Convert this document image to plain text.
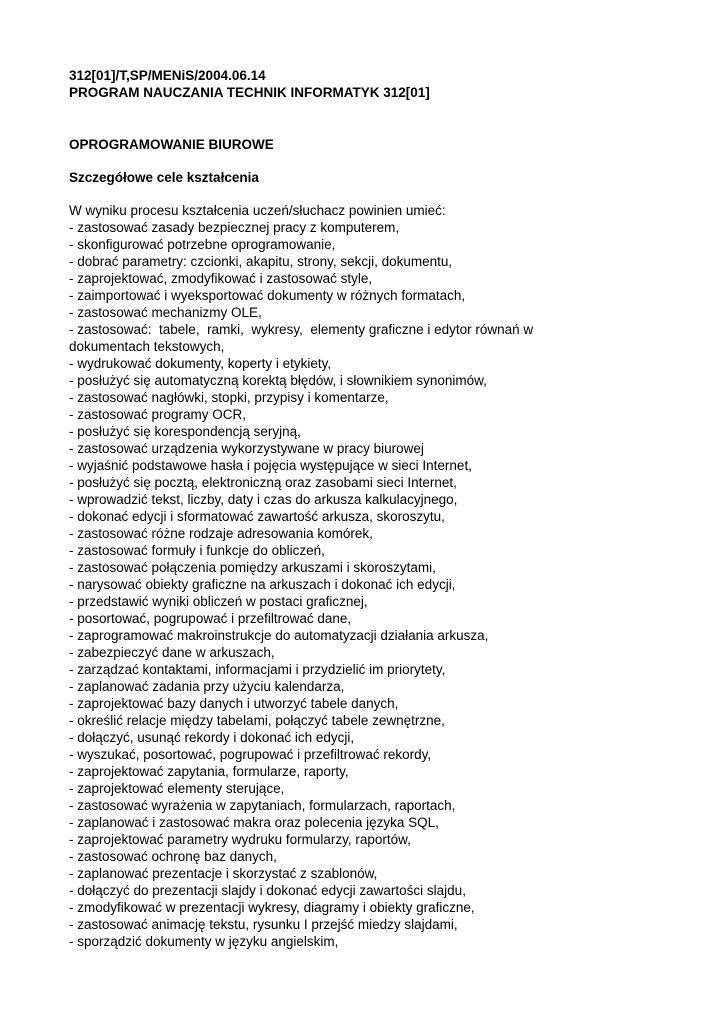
312[01]/T,SP/MENiS/2004.06.14
PROGRAM NAUCZANIA TECHNIK INFORMATYK 312[01]
OPROGRAMOWANIE BIUROWE
Szczegółowe cele kształcenia
W wyniku procesu kształcenia uczeń/słuchacz powinien umieć:
- zastosować zasady bezpiecznej pracy z komputerem,
- skonfigurować potrzebne oprogramowanie,
- dobrać parametry: czcionki, akapitu, strony, sekcji, dokumentu,
- zaprojektować, zmodyfikować i zastosować style,
- zaimportować i wyeksportować dokumenty w różnych formatach,
- zastosować mechanizmy OLE,
- zastosować:  tabele,  ramki,  wykresy,  elementy graficzne i edytor równań w
dokumentach tekstowych,
- wydrukować dokumenty, koperty i etykiety,
- posłużyć się automatyczną korektą błędów, i słownikiem synonimów,
- zastosować nagłówki, stopki, przypisy i komentarze,
- zastosować programy OCR,
- posłużyć się korespondencją seryjną,
- zastosować urządzenia wykorzystywane w pracy biurowej
- wyjaśnić podstawowe hasła i pojęcia występujące w sieci Internet,
- posłużyć się pocztą, elektroniczną oraz zasobami sieci Internet,
- wprowadzić tekst, liczby, daty i czas do arkusza kalkulacyjnego,
- dokonać edycji i sformatować zawartość arkusza, skoroszytu,
- zastosować różne rodzaje adresowania komórek,
- zastosować formuły i funkcje do obliczeń,
- zastosować połączenia pomiędzy arkuszami i skoroszytami,
- narysować obiekty graficzne na arkuszach i dokonać ich edycji,
- przedstawić wyniki obliczeń w postaci graficznej,
- posortować, pogrupować i przefiltrować dane,
- zaprogramować makroinstrukcje do automatyzacji działania arkusza,
- zabezpieczyć dane w arkuszach,
- zarządzać kontaktami, informacjami i przydzielić im priorytety,
- zaplanować zadania przy użyciu kalendarza,
- zaprojektować bazy danych i utworzyć tabele danych,
- określić relacje między tabelami, połączyć tabele zewnętrzne,
- dołączyć, usunąć rekordy i dokonać ich edycji,
- wyszukać, posortować, pogrupować i przefiltrować rekordy,
- zaprojektować zapytania, formularze, raporty,
- zaprojektować elementy sterujące,
- zastosować wyrażenia w zapytaniach, formularzach, raportach,
- zaplanować i zastosować makra oraz polecenia języka SQL,
- zaprojektować parametry wydruku formularzy, raportów,
- zastosować ochronę baz danych,
- zaplanować prezentacje i skorzystać z szablonów,
- dołączyć do prezentacji slajdy i dokonać edycji zawartości slajdu,
- zmodyfikować w prezentacji wykresy, diagramy i obiekty graficzne,
- zastosować animację tekstu, rysunku I przejść miedzy slajdami,
- sporządzić dokumenty w języku angielskim,
